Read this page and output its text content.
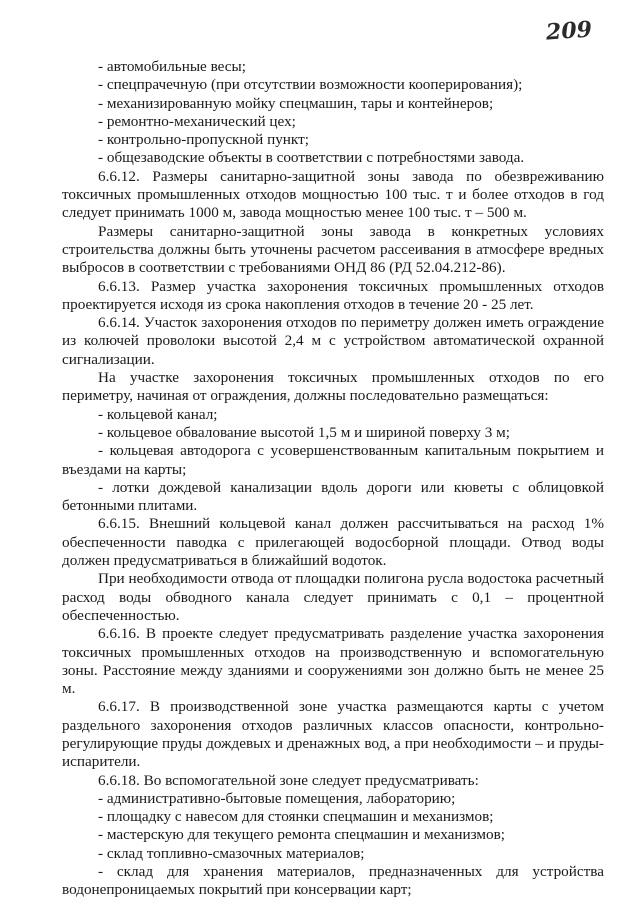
209

- автомобильные весы;

- спецпрачечную (при отсутствии возможности кооперирования);

- механизированную мойку спецмашин, тары и контейнеров;

- ремонтно-механический цех;

- контрольно-пропускной пункт;

- общезаводские объекты в соответствии с потребностями завода.

6.6.12. Размеры санитарно-защитной зоны завода по обезвреживанию токсичных промышленных отходов мощностью 100 тыс. т и более отходов в год следует принимать 1000 м, завода мощностью менее 100 тыс. т – 500 м.

Размеры санитарно-защитной зоны завода в конкретных условиях строительства должны быть уточнены расчетом рассеивания в атмосфере вредных выбросов в соответствии с требованиями ОНД 86 (РД 52.04.212-86).

6.6.13. Размер участка захоронения токсичных промышленных отходов проектируется исходя из срока накопления отходов в течение 20 - 25 лет.

6.6.14. Участок захоронения отходов по периметру должен иметь ограждение из колючей проволоки высотой 2,4 м с устройством автоматической охранной сигнализации.

На участке захоронения токсичных промышленных отходов по его периметру, начиная от ограждения, должны последовательно размещаться:

- кольцевой канал;

- кольцевое обвалование высотой 1,5 м и шириной поверху 3 м;

- кольцевая автодорога с усовершенствованным капитальным покрытием и въездами на карты;

- лотки дождевой канализации вдоль дороги или кюветы с облицовкой бетонными плитами.

6.6.15. Внешний кольцевой канал должен рассчитываться на расход 1% обеспеченности паводка с прилегающей водосборной площади. Отвод воды должен предусматриваться в ближайший водоток.

При необходимости отвода от площадки полигона русла водостока расчетный расход воды обводного канала следует принимать с 0,1 – процентной обеспеченностью.

6.6.16. В проекте следует предусматривать разделение участка захоронения токсичных промышленных отходов на производственную и вспомогательную зоны. Расстояние между зданиями и сооружениями зон должно быть не менее 25 м.

6.6.17. В производственной зоне участка размещаются карты с учетом раздельного захоронения отходов различных классов опасности, контрольно-регулирующие пруды дождевых и дренажных вод, а при необходимости – и пруды-испарители.

6.6.18. Во вспомогательной зоне следует предусматривать:

- административно-бытовые помещения, лабораторию;

- площадку с навесом для стоянки спецмашин и механизмов;

- мастерскую для текущего ремонта спецмашин и механизмов;

- склад топливно-смазочных материалов;

- склад для хранения материалов, предназначенных для устройства водонепроницаемых покрытий при консервации карт;
